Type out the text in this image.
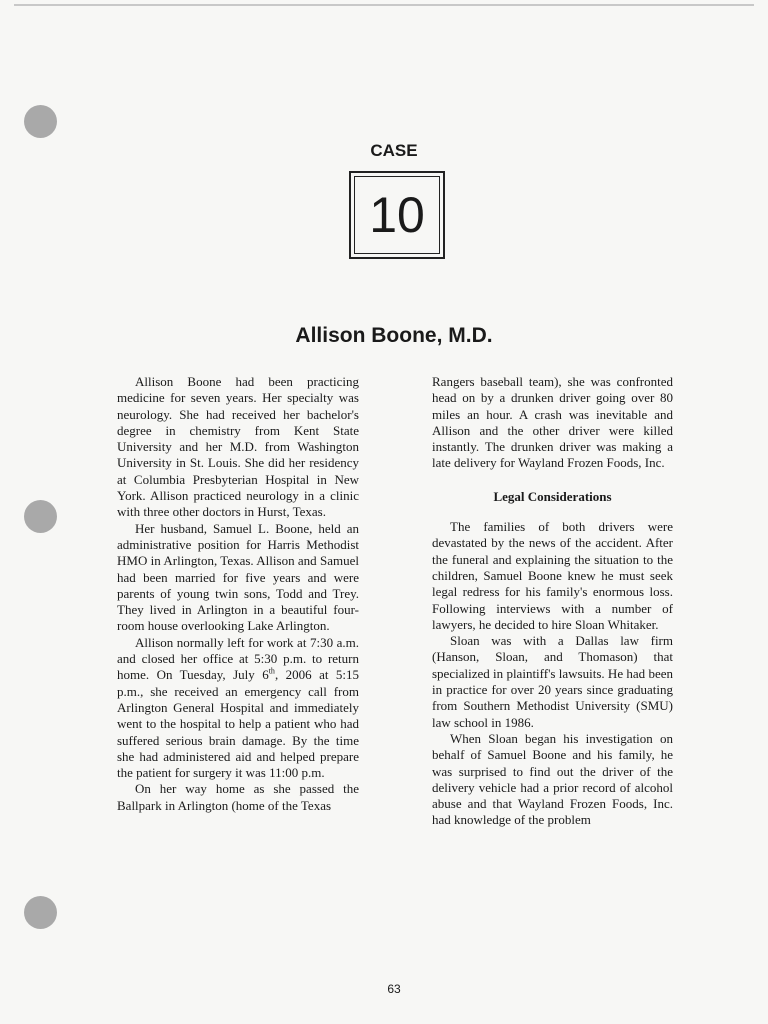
CASE
10
Allison Boone, M.D.

Allison Boone had been practicing medicine for seven years. Her specialty was neurology. She had received her bachelor's degree in chemistry from Kent State University and her M.D. from Washington University in St. Louis. She did her residency at Columbia Presbyterian Hospital in New York. Allison practiced neurology in a clinic with three other doctors in Hurst, Texas.

Her husband, Samuel L. Boone, held an administrative position for Harris Methodist HMO in Arlington, Texas. Allison and Samuel had been married for five years and were parents of young twin sons, Todd and Trey. They lived in Arlington in a beautiful four-room house overlooking Lake Arlington.

Allison normally left for work at 7:30 a.m. and closed her office at 5:30 p.m. to return home. On Tuesday, July 6th, 2006 at 5:15 p.m., she received an emergency call from Arlington General Hospital and immediately went to the hospital to help a patient who had suffered serious brain damage. By the time she had administered aid and helped prepare the patient for surgery it was 11:00 p.m.

On her way home as she passed the Ballpark in Arlington (home of the Texas

Rangers baseball team), she was confronted head on by a drunken driver going over 80 miles an hour. A crash was inevitable and Allison and the other driver were killed instantly. The drunken driver was making a late delivery for Wayland Frozen Foods, Inc.

Legal Considerations

The families of both drivers were devastated by the news of the accident. After the funeral and explaining the situation to the children, Samuel Boone knew he must seek legal redress for his family's enormous loss. Following interviews with a number of lawyers, he decided to hire Sloan Whitaker.

Sloan was with a Dallas law firm (Hanson, Sloan, and Thomason) that specialized in plaintiff's lawsuits. He had been in practice for over 20 years since graduating from Southern Methodist University (SMU) law school in 1986.

When Sloan began his investigation on behalf of Samuel Boone and his family, he was surprised to find out the driver of the delivery vehicle had a prior record of alcohol abuse and that Wayland Frozen Foods, Inc. had knowledge of the problem

63
